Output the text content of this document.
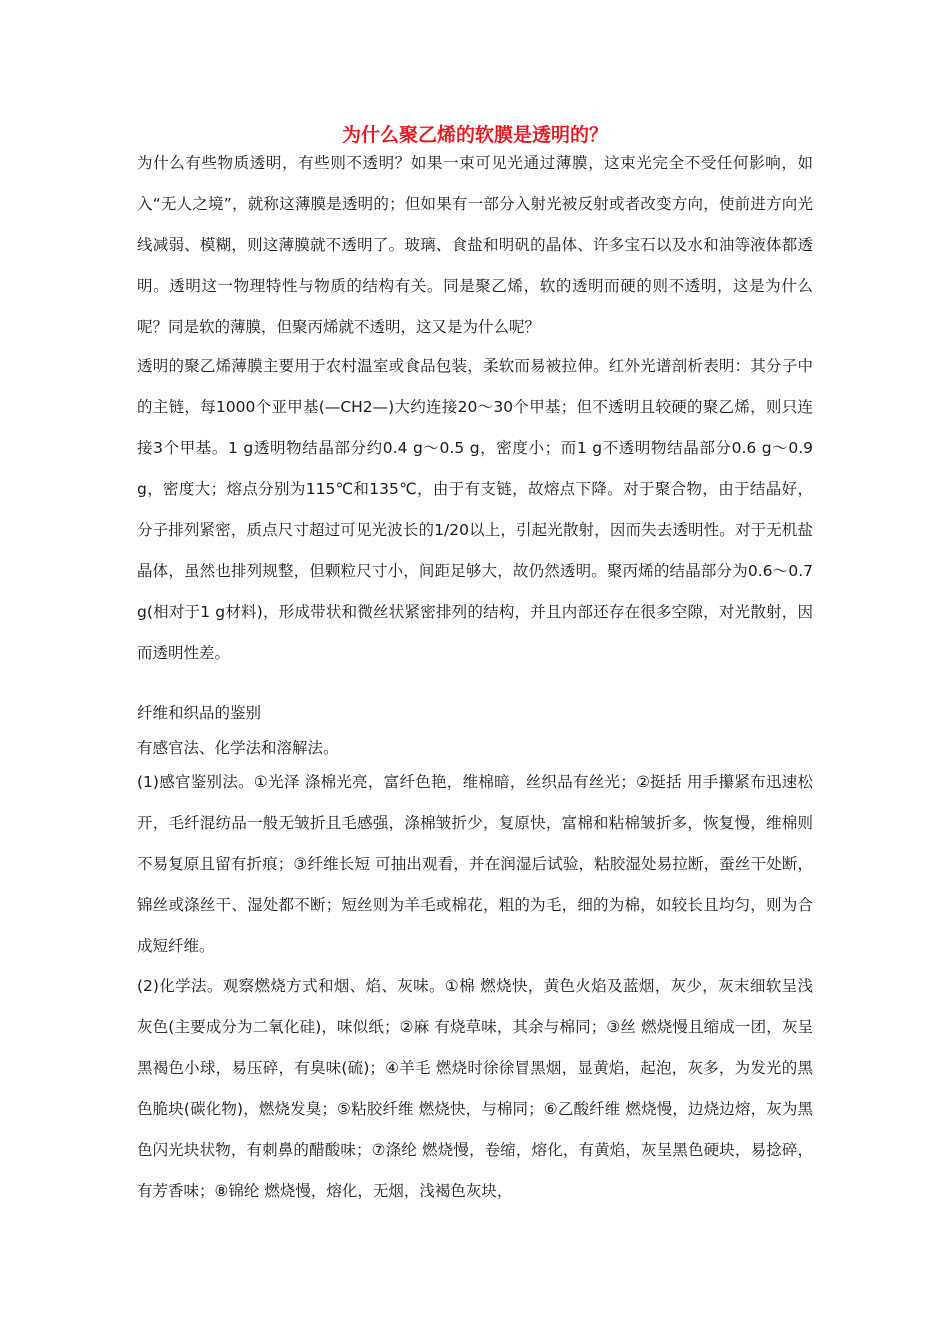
为什么聚乙烯的软膜是透明的？

为什么有些物质透明，有些则不透明？如果一束可见光通过薄膜，这束光完全不受任何影响，如入“无人之境”，就称这薄膜是透明的；但如果有一部分入射光被反射或者改变方向，使前进方向光线减弱、模糊，则这薄膜就不透明了。玻璃、食盐和明矾的晶体、许多宝石以及水和油等液体都透明。透明这一物理特性与物质的结构有关。同是聚乙烯，软的透明而硬的则不透明，这是为什么呢？同是软的薄膜，但聚丙烯就不透明，这又是为什么呢？

透明的聚乙烯薄膜主要用于农村温室或食品包装，柔软而易被拉伸。红外光谱剖析表明：其分子中的主链，每1000个亚甲基(—CH2—)大约连接20～30个甲基；但不透明且较硬的聚乙烯，则只连接3个甲基。1 g透明物结晶部分约0.4 g～0.5 g，密度小；而1 g不透明物结晶部分0.6 g～0.9 g，密度大；熔点分别为115℃和135℃，由于有支链，故熔点下降。对于聚合物，由于结晶好，分子排列紧密，质点尺寸超过可见光波长的1/20以上，引起光散射，因而失去透明性。对于无机盐晶体，虽然也排列规整，但颗粒尺寸小，间距足够大，故仍然透明。聚丙烯的结晶部分为0.6～0.7 g(相对于1 g材料)，形成带状和微丝状紧密排列的结构，并且内部还存在很多空隙，对光散射，因而透明性差。

纤维和织品的鉴别

有感官法、化学法和溶解法。

(1)感官鉴别法。①光泽 涤棉光亮，富纤色艳，维棉暗，丝织品有丝光；②挺括 用手攥紧布迅速松开，毛纤混纺品一般无皱折且毛感强，涤棉皱折少，复原快，富棉和粘棉皱折多，恢复慢，维棉则不易复原且留有折痕；③纤维长短 可抽出观看，并在润湿后试验，粘胶湿处易拉断，蚕丝干处断，锦丝或涤丝干、湿处都不断；短丝则为羊毛或棉花，粗的为毛，细的为棉，如较长且均匀，则为合成短纤维。

(2)化学法。观察燃烧方式和烟、焰、灰味。①棉 燃烧快，黄色火焰及蓝烟，灰少，灰末细软呈浅灰色(主要成分为二氧化硅)，味似纸；②麻 有烧草味，其余与棉同；③丝 燃烧慢且缩成一团，灰呈黑褐色小球，易压碎，有臭味(硫)；④羊毛 燃烧时徐徐冒黑烟，显黄焰，起泡，灰多，为发光的黑色脆块(碳化物)，燃烧发臭；⑤粘胶纤维 燃烧快，与棉同；⑥乙酸纤维 燃烧慢，边烧边熔，灰为黑色闪光块状物，有刺鼻的醋酸味；⑦涤纶 燃烧慢，卷缩，熔化，有黄焰，灰呈黑色硬块，易捻碎，有芳香味；⑧锦纶 燃烧慢，熔化，无烟，浅褐色灰块，
